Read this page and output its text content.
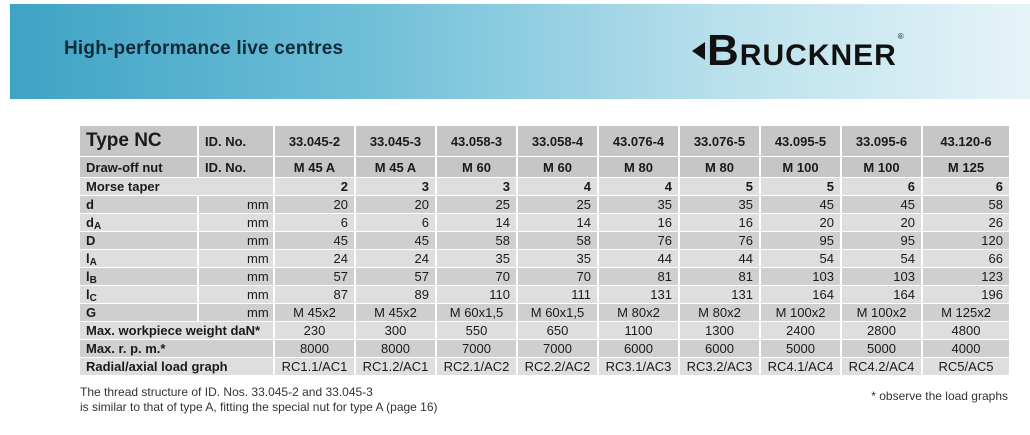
High-performance live centres	BRUCKNER
®
Type NC	ID. No.	33.045-2	33.045-3	43.058-3	33.058-4	43.076-4	33.076-5	43.095-5	33.095-6	43.120-6
Draw-off nut	ID. No.	M 45 A	M 45 A	M 60	M 60	M 80	M 80	M 100	M 100	M 125
Morse taper		2	3	3	4	4	5	5	6	6
d	mm	20	20	25	25	35	35	45	45	58
dA	mm	6	6	14	14	16	16	20	20	26
D	mm	45	45	58	58	76	76	95	95	120
lA	mm	24	24	35	35	44	44	54	54	66
lB	mm	57	57	70	70	81	81	103	103	123
lC	mm	87	89	110	111	131	131	164	164	196
G	mm	M 45x2	M 45x2	M 60x1,5	M 60x1,5	M 80x2	M 80x2	M 100x2	M 100x2	M 125x2
Max. workpiece weight daN*		230	300	550	650	1100	1300	2400	2800	4800
Max. r. p. m.*		8000	8000	7000	7000	6000	6000	5000	5000	4000
Radial/axial load graph		RC1.1/AC1	RC1.2/AC1	RC2.1/AC2	RC2.2/AC2	RC3.1/AC3	RC3.2/AC3	RC4.1/AC4	RC4.2/AC4	RC5/AC5
The thread structure of ID. Nos. 33.045-2 and 33.045-3
is similar to that of type A, fitting the special nut for type A (page 16)
* observe the load graphs
